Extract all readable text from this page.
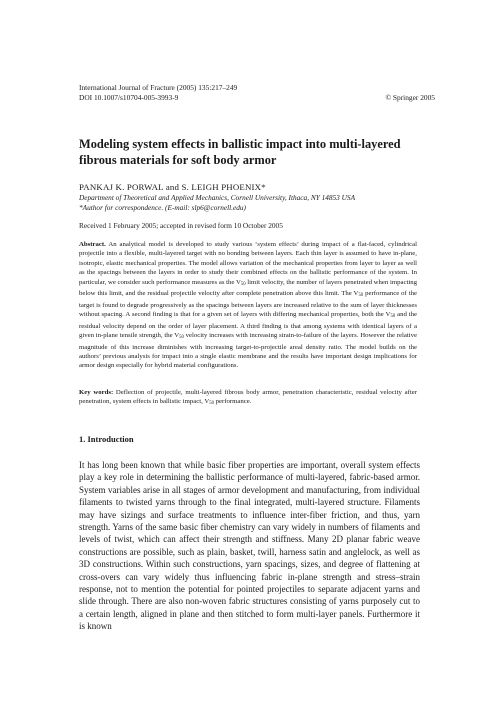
International Journal of Fracture (2005) 135:217–249
DOI 10.1007/s10704-005-3993-9	© Springer 2005
Modeling system effects in ballistic impact into multi-layered fibrous materials for soft body armor
PANKAJ K. PORWAL and S. LEIGH PHOENIX*
Department of Theoretical and Applied Mechanics, Cornell University, Ithaca, NY 14853 USA
*Author for correspondence. (E-mail: slp6@cornell.edu)
Received 1 February 2005; accepted in revised form 10 October 2005
Abstract. An analytical model is developed to study various ‘system effects’ during impact of a flat-faced, cylindrical projectile into a flexible, multi-layered target with no bonding between layers. Each thin layer is assumed to have in-plane, isotropic, elastic mechanical properties. The model allows variation of the mechanical properties from layer to layer as well as the spacings between the layers in order to study their combined effects on the ballistic performance of the system. In particular, we consider such performance measures as the $V_{50}$ limit velocity, the number of layers penetrated when impacting below this limit, and the residual projectile velocity after complete penetration above this limit. The $V_{50}$ performance of the target is found to degrade progressively as the spacings between layers are increased relative to the sum of layer thicknesses without spacing. A second finding is that for a given set of layers with differing mechanical properties, both the $V_{50}$ and the residual velocity depend on the order of layer placement. A third finding is that among systems with identical layers of a given in-plane tensile strength, the $V_{50}$ velocity increases with increasing strain-to-failure of the layers. However the relative magnitude of this increase diminishes with increasing target-to-projectile areal density ratio. The model builds on the authors’ previous analysis for impact into a single elastic membrane and the results have important design implications for armor design especially for hybrid material configurations.
Key words: Deflection of projectile, multi-layered fibrous body armor, penetration characteristic, residual velocity after penetration, system effects in ballistic impact, $V_{50}$ performance.
1. Introduction
It has long been known that while basic fiber properties are important, overall system effects play a key role in determining the ballistic performance of multi-layered, fabric-based armor. System variables arise in all stages of armor development and manufacturing, from individual filaments to twisted yarns through to the final integrated, multi-layered structure. Filaments may have sizings and surface treatments to influence inter-fiber friction, and thus, yarn strength. Yarns of the same basic fiber chemistry can vary widely in numbers of filaments and levels of twist, which can affect their strength and stiffness. Many 2D planar fabric weave constructions are possible, such as plain, basket, twill, harness satin and anglelock, as well as 3D constructions. Within such constructions, yarn spacings, sizes, and degree of flattening at cross-overs can vary widely thus influencing fabric in-plane strength and stress–strain response, not to mention the potential for pointed projectiles to separate adjacent yarns and slide through. There are also non-woven fabric structures consisting of yarns purposely cut to a certain length, aligned in plane and then stitched to form multi-layer panels. Furthermore it is known
